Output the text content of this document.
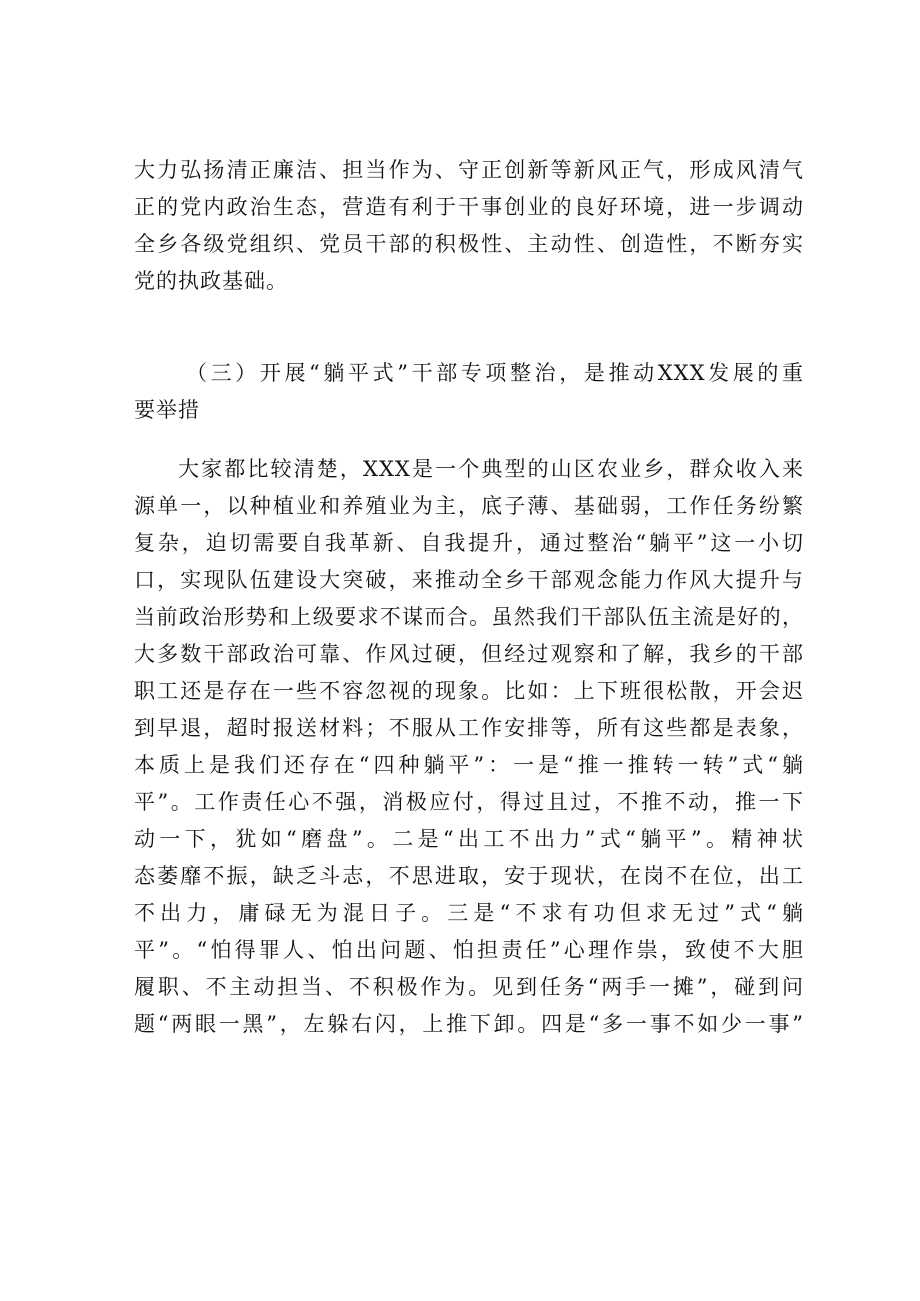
大力弘扬清正廉洁、担当作为、守正创新等新风正气，形成风清气
正的党内政治生态，营造有利于干事创业的良好环境，进一步调动
全乡各级党组织、党员干部的积极性、主动性、创造性，不断夯实
党的执政基础。
（三）开展“躺平式”干部专项整治，是推动XXX发展的重
要举措
大家都比较清楚，XXX是一个典型的山区农业乡，群众收入来
源单一，以种植业和养殖业为主，底子薄、基础弱，工作任务纷繁
复杂，迫切需要自我革新、自我提升，通过整治“躺平”这一小切
口，实现队伍建设大突破，来推动全乡干部观念能力作风大提升与
当前政治形势和上级要求不谋而合。虽然我们干部队伍主流是好的，
大多数干部政治可靠、作风过硬，但经过观察和了解，我乡的干部
职工还是存在一些不容忽视的现象。比如：上下班很松散，开会迟
到早退，超时报送材料；不服从工作安排等，所有这些都是表象，
本质上是我们还存在“四种躺平”：一是“推一推转一转”式“躺
平”。工作责任心不强，消极应付，得过且过，不推不动，推一下
动一下，犹如“磨盘”。二是“出工不出力”式“躺平”。精神状
态萎靡不振，缺乏斗志，不思进取，安于现状，在岗不在位，出工
不出力，庸碌无为混日子。三是“不求有功但求无过”式“躺
平”。“怕得罪人、怕出问题、怕担责任”心理作祟，致使不大胆
履职、不主动担当、不积极作为。见到任务“两手一摊”，碰到问
题“两眼一黑”，左躲右闪，上推下卸。四是“多一事不如少一事”
